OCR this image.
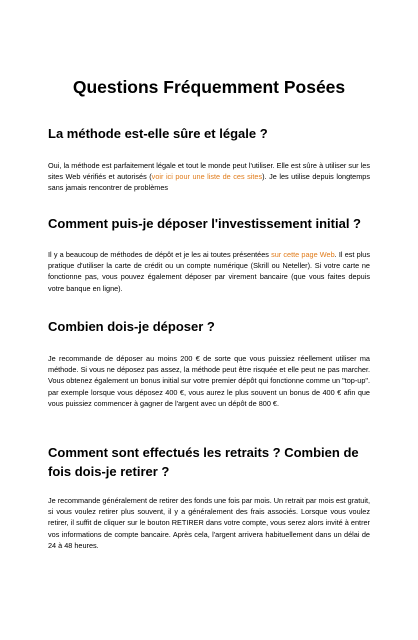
Questions Fréquemment Posées
La méthode est-elle sûre et légale ?

Oui, la méthode est parfaitement légale et tout le monde peut l'utiliser. Elle est sûre à utiliser sur les sites Web vérifiés et autorisés (voir ici pour une liste de ces sites). Je les utilise depuis longtemps sans jamais rencontrer de problèmes

Comment puis-je déposer l'investissement initial ?

Il y a beaucoup de méthodes de dépôt et je les ai toutes présentées sur cette page Web. Il est plus pratique d'utiliser la carte de crédit ou un compte numérique (Skrill ou Neteller). Si votre carte ne fonctionne pas, vous pouvez également déposer par virement bancaire (que vous faites depuis votre banque en ligne).

Combien dois-je déposer ?

Je recommande de déposer au moins 200 € de sorte que vous puissiez réellement utiliser ma méthode. Si vous ne déposez pas assez, la méthode peut être risquée et elle peut ne pas marcher. Vous obtenez également un bonus initial sur votre premier dépôt qui fonctionne comme un "top-up". par exemple lorsque vous déposez 400 €, vous aurez le plus souvent un bonus de 400 € afin que vous puissiez commencer à gagner de l'argent avec un dépôt de 800 €.

Comment sont effectués les retraits ? Combien de fois dois-je retirer ?

Je recommande généralement de retirer des fonds une fois par mois. Un retrait par mois est gratuit, si vous voulez retirer plus souvent, il y a généralement des frais associés. Lorsque vous voulez retirer, il suffit de cliquer sur le bouton RETIRER dans votre compte, vous serez alors invité à entrer vos informations de compte bancaire. Après cela, l'argent arrivera habituellement dans un délai de 24 à 48 heures.
